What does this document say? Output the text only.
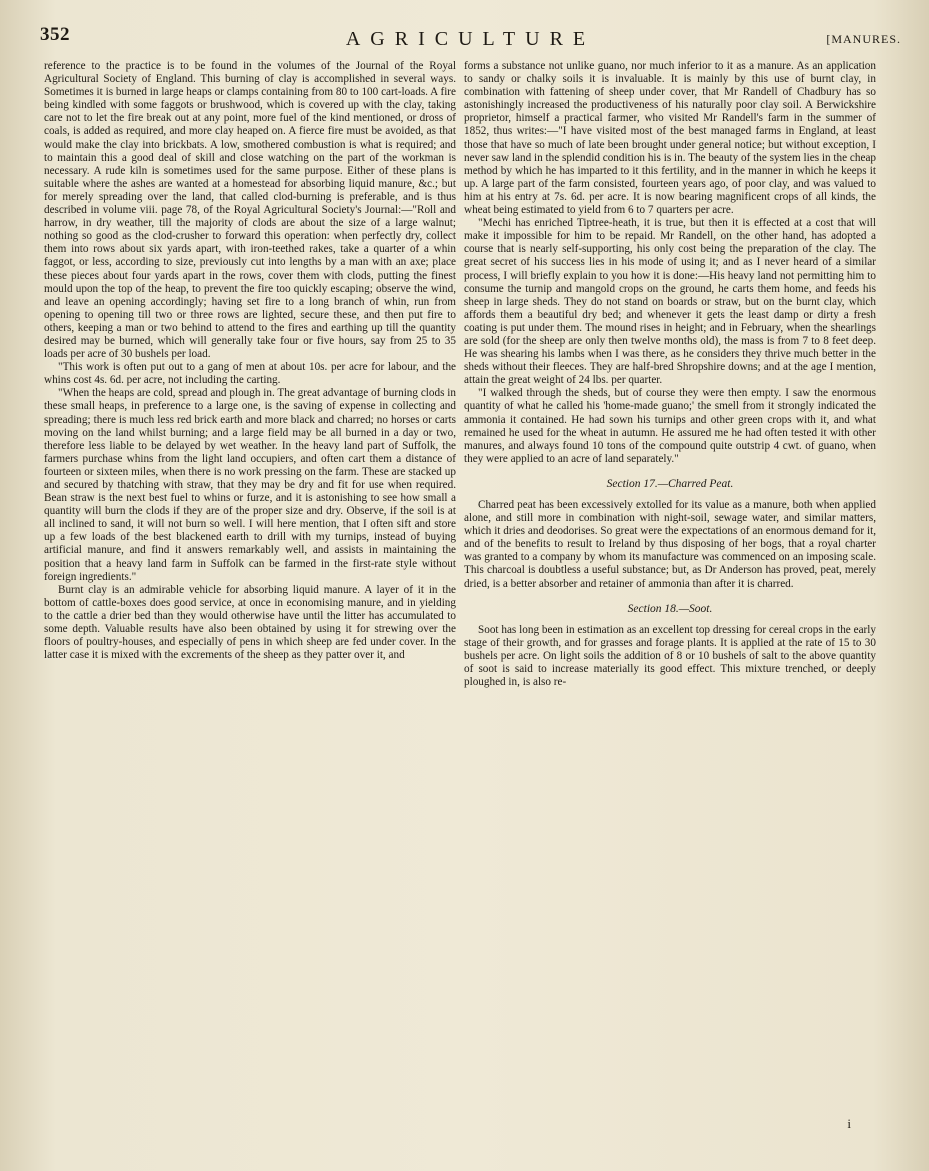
352	AGRICULTURE	[MANURES.

reference to the practice is to be found in the volumes of the Journal of the Royal Agricultural Society of England. This burning of clay is accomplished in several ways. Sometimes it is burned in large heaps or clamps containing from 80 to 100 cart-loads. A fire being kindled with some faggots or brushwood, which is covered up with the clay, taking care not to let the fire break out at any point, more fuel of the kind mentioned, or dross of coals, is added as required, and more clay heaped on. A fierce fire must be avoided, as that would make the clay into brickbats. A low, smothered combustion is what is required; and to maintain this a good deal of skill and close watching on the part of the workman is necessary. A rude kiln is sometimes used for the same purpose. Either of these plans is suitable where the ashes are wanted at a homestead for absorbing liquid manure, &c.; but for merely spreading over the land, that called clod-burning is preferable, and is thus described in volume viii. page 78, of the Royal Agricultural Society's Journal:—"Roll and harrow, in dry weather, till the majority of clods are about the size of a large walnut; nothing so good as the clod-crusher to forward this operation: when perfectly dry, collect them into rows about six yards apart, with iron-teethed rakes, take a quarter of a whin faggot, or less, according to size, previously cut into lengths by a man with an axe; place these pieces about four yards apart in the rows, cover them with clods, putting the finest mould upon the top of the heap, to prevent the fire too quickly escaping; observe the wind, and leave an opening accordingly; having set fire to a long branch of whin, run from opening to opening till two or three rows are lighted, secure these, and then put fire to others, keeping a man or two behind to attend to the fires and earthing up till the quantity desired may be burned, which will generally take four or five hours, say from 25 to 35 loads per acre of 30 bushels per load.

"This work is often put out to a gang of men at about 10s. per acre for labour, and the whins cost 4s. 6d. per acre, not including the carting.

"When the heaps are cold, spread and plough in. The great advantage of burning clods in these small heaps, in preference to a large one, is the saving of expense in collecting and spreading; there is much less red brick earth and more black and charred; no horses or carts moving on the land whilst burning; and a large field may be all burned in a day or two, therefore less liable to be delayed by wet weather. In the heavy land part of Suffolk, the farmers purchase whins from the light land occupiers, and often cart them a distance of fourteen or sixteen miles, when there is no work pressing on the farm. These are stacked up and secured by thatching with straw, that they may be dry and fit for use when required. Bean straw is the next best fuel to whins or furze, and it is astonishing to see how small a quantity will burn the clods if they are of the proper size and dry. Observe, if the soil is at all inclined to sand, it will not burn so well. I will here mention, that I often sift and store up a few loads of the best blackened earth to drill with my turnips, instead of buying artificial manure, and find it answers remarkably well, and assists in maintaining the position that a heavy land farm in Suffolk can be farmed in the first-rate style without foreign ingredients."

Burnt clay is an admirable vehicle for absorbing liquid manure. A layer of it in the bottom of cattle-boxes does good service, at once in economising manure, and in yielding to the cattle a drier bed than they would otherwise have until the litter has accumulated to some depth. Valuable results have also been obtained by using it for strewing over the floors of poultry-houses, and especially of pens in which sheep are fed under cover. In the latter case it is mixed with the excrements of the sheep as they patter over it, and

forms a substance not unlike guano, nor much inferior to it as a manure. As an application to sandy or chalky soils it is invaluable. It is mainly by this use of burnt clay, in combination with fattening of sheep under cover, that Mr Randell of Chadbury has so astonishingly increased the productiveness of his naturally poor clay soil. A Berwickshire proprietor, himself a practical farmer, who visited Mr Randell's farm in the summer of 1852, thus writes:—"I have visited most of the best managed farms in England, at least those that have so much of late been brought under general notice; but without exception, I never saw land in the splendid condition his is in. The beauty of the system lies in the cheap method by which he has imparted to it this fertility, and in the manner in which he keeps it up. A large part of the farm consisted, fourteen years ago, of poor clay, and was valued to him at his entry at 7s. 6d. per acre. It is now bearing magnificent crops of all kinds, the wheat being estimated to yield from 6 to 7 quarters per acre.

"Mechi has enriched Tiptree-heath, it is true, but then it is effected at a cost that will make it impossible for him to be repaid. Mr Randell, on the other hand, has adopted a course that is nearly self-supporting, his only cost being the preparation of the clay. The great secret of his success lies in his mode of using it; and as I never heard of a similar process, I will briefly explain to you how it is done:—His heavy land not permitting him to consume the turnip and mangold crops on the ground, he carts them home, and feeds his sheep in large sheds. They do not stand on boards or straw, but on the burnt clay, which affords them a beautiful dry bed; and whenever it gets the least damp or dirty a fresh coating is put under them. The mound rises in height; and in February, when the shearlings are sold (for the sheep are only then twelve months old), the mass is from 7 to 8 feet deep. He was shearing his lambs when I was there, as he considers they thrive much better in the sheds without their fleeces. They are half-bred Shropshire downs; and at the age I mention, attain the great weight of 24 lbs. per quarter.

"I walked through the sheds, but of course they were then empty. I saw the enormous quantity of what he called his 'home-made guano;' the smell from it strongly indicated the ammonia it contained. He had sown his turnips and other green crops with it, and what remained he used for the wheat in autumn. He assured me he had often tested it with other manures, and always found 10 tons of the compound quite outstrip 4 cwt. of guano, when they were applied to an acre of land separately."

Section 17.—Charred Peat.

Charred peat has been excessively extolled for its value as a manure, both when applied alone, and still more in combination with night-soil, sewage water, and similar matters, which it dries and deodorises. So great were the expectations of an enormous demand for it, and of the benefits to result to Ireland by thus disposing of her bogs, that a royal charter was granted to a company by whom its manufacture was commenced on an imposing scale. This charcoal is doubtless a useful substance; but, as Dr Anderson has proved, peat, merely dried, is a better absorber and retainer of ammonia than after it is charred.

Section 18.—Soot.

Soot has long been in estimation as an excellent top dressing for cereal crops in the early stage of their growth, and for grasses and forage plants. It is applied at the rate of 15 to 30 bushels per acre. On light soils the addition of 8 or 10 bushels of salt to the above quantity of soot is said to increase materially its good effect. This mixture trenched, or deeply ploughed in, is also re-

i
